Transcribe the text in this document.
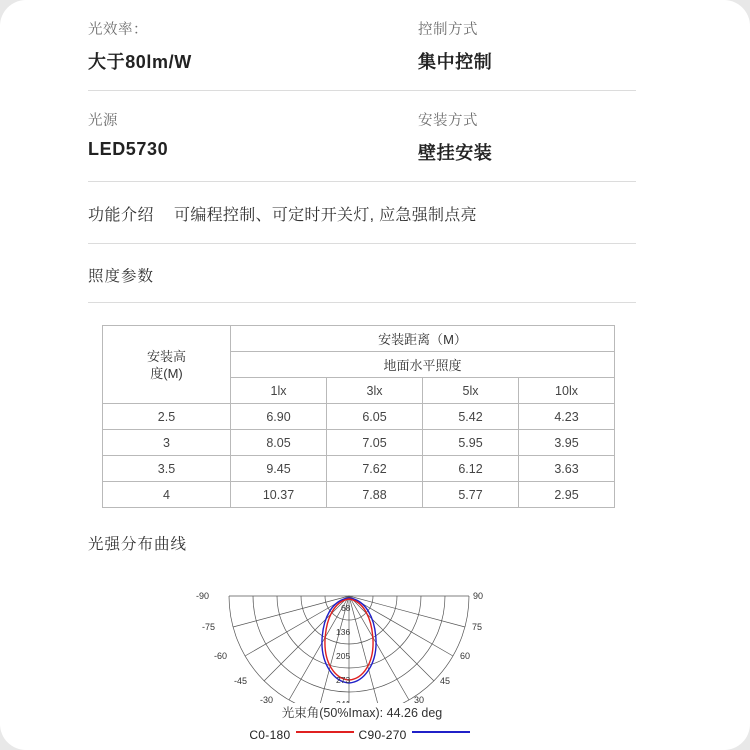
光效率：
大于80lm/W
控制方式
集中控制
光源
LED5730
安装方式
壁挂安装
功能介绍 可编程控制、可定时开关灯, 应急强制点亮
照度参数
安装高
度(M)	安装距离（M）			
	地面水平照度			
	1lx	3lx	5lx	10lx
2.5	6.90	6.05	5.42	4.23
3	8.05	7.05	5.95	3.95
3.5	9.45	7.62	6.12	3.63
4	10.37	7.88	5.77	2.95
光强分布曲线
68
136
205
273
-90
-75
-60
-45
-30
90
75
60
45
30
光束角(50%Imax): 44.26 deg
C0-180	C90-270
